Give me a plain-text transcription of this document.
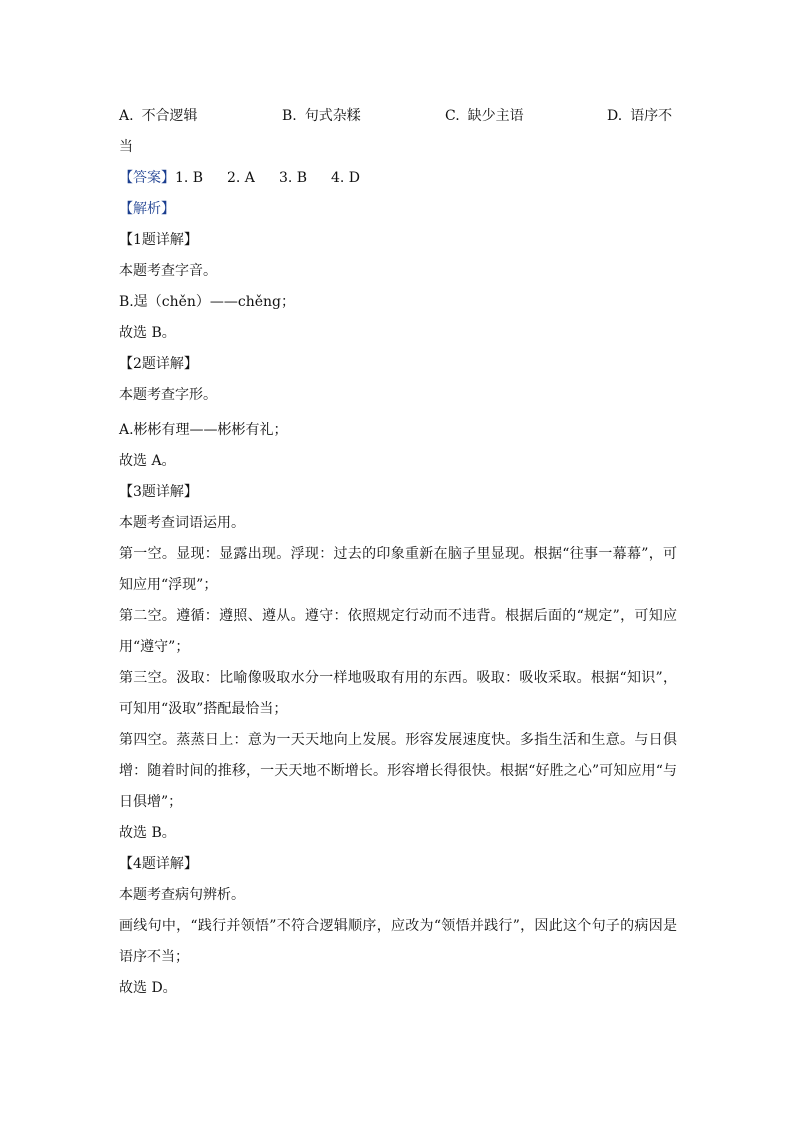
A. 不合逻辑	B. 句式杂糅	C. 缺少主语	D. 语序不
当
【答案】 1. B	2. A	3. B	4. D
【解析】
【1题详解】
本题考查字音。
B.逞（chěn）——chěng；
故选 B。
【2题详解】
本题考查字形。
A.彬彬有理——彬彬有礼；
故选 A。
【3题详解】
本题考查词语运用。
第一空。显现：显露出现。浮现：过去的印象重新在脑子里显现。根据“往事一幕幕”，可知应用“浮现”；
第二空。遵循：遵照、遵从。遵守：依照规定行动而不违背。根据后面的“规定”，可知应用“遵守”；
第三空。汲取：比喻像吸取水分一样地吸取有用的东西。吸取：吸收采取。根据“知识”，可知用“汲取”搭配最恰当；
第四空。蒸蒸日上：意为一天天地向上发展。形容发展速度快。多指生活和生意。与日俱增：随着时间的推移，一天天地不断增长。形容增长得很快。根据“好胜之心”可知应用“与日俱增”；
故选 B。
【4题详解】
本题考查病句辨析。
画线句中，“践行并领悟”不符合逻辑顺序，应改为“领悟并践行”，因此这个句子的病因是语序不当；
故选 D。
